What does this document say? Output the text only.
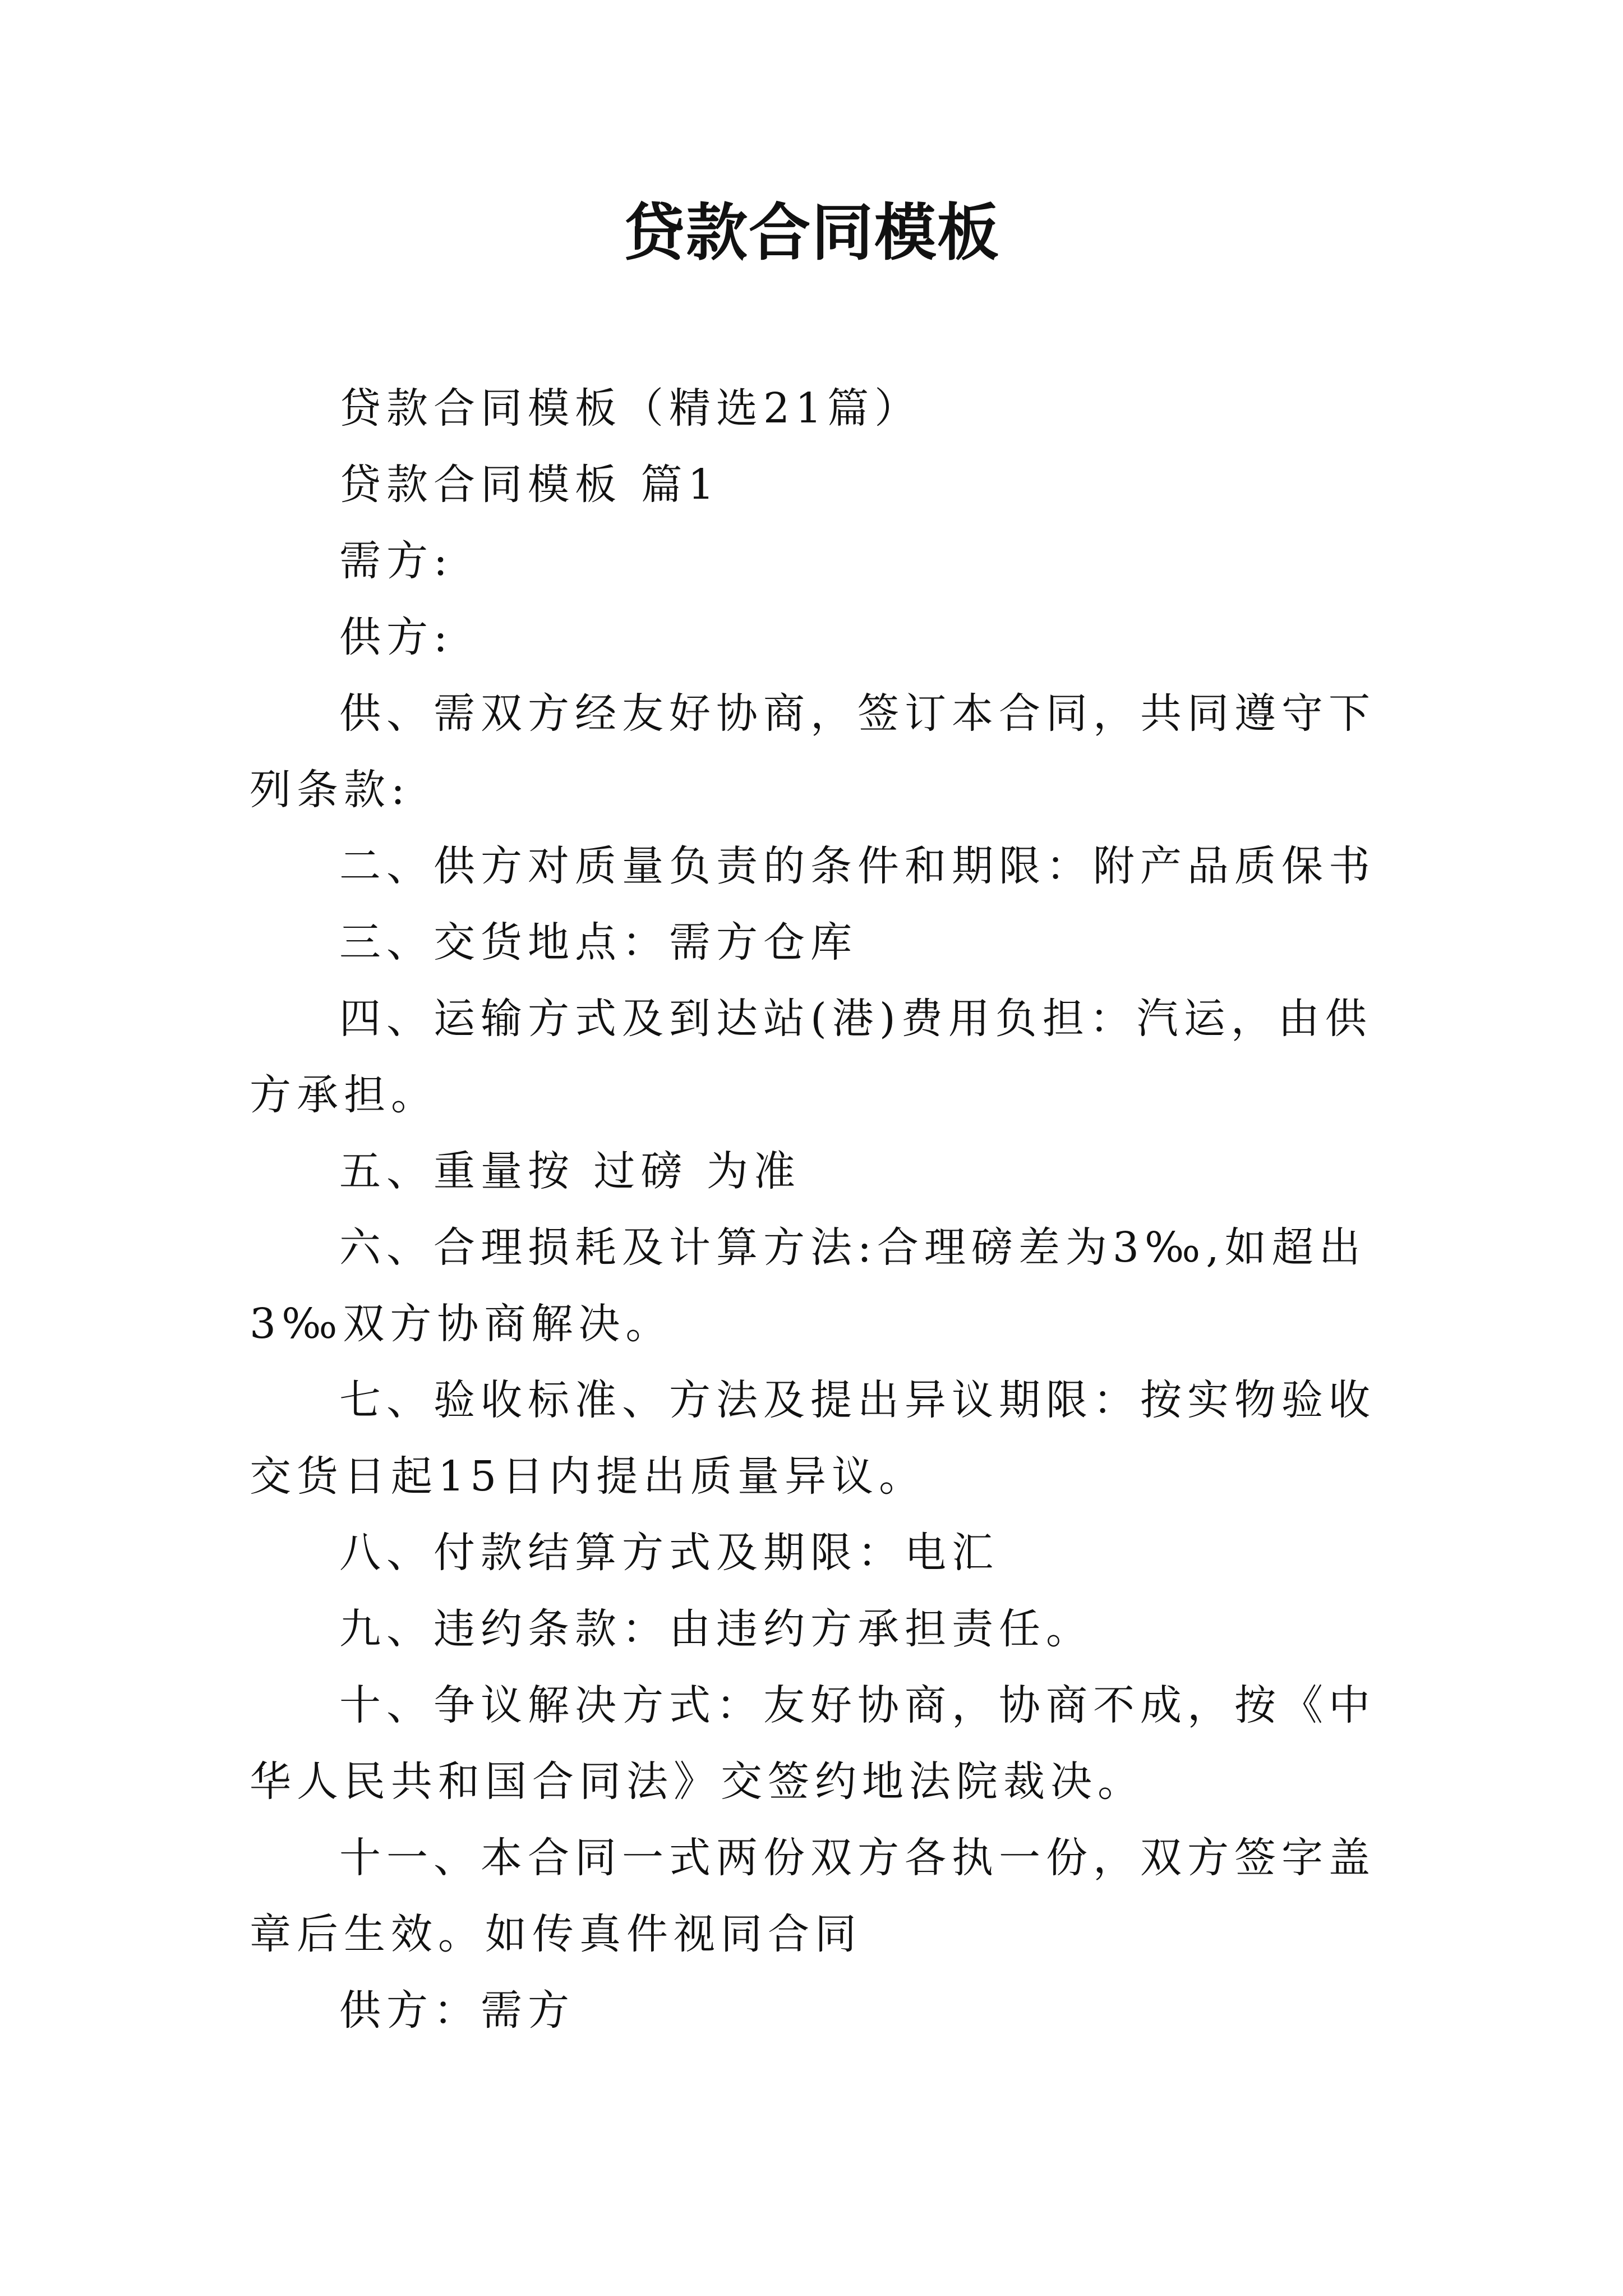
贷款合同模板

贷款合同模板（精选21篇）

贷款合同模板 篇1

需方:

供方:

供、需双方经友好协商，签订本合同，共同遵守下列条款:

二、供方对质量负责的条件和期限：附产品质保书

三、交货地点：需方仓库

四、运输方式及到达站(港)费用负担：汽运，由供方承担。

五、重量按 过磅 为准

六、合理损耗及计算方法:合理磅差为3‰,如超出3‰双方协商解决。

七、验收标准、方法及提出异议期限：按实物验收交货日起15日内提出质量异议。

八、付款结算方式及期限：电汇

九、违约条款：由违约方承担责任。

十、争议解决方式：友好协商，协商不成，按《中华人民共和国合同法》交签约地法院裁决。

十一、本合同一式两份双方各执一份，双方签字盖章后生效。如传真件视同合同

供方：需方
